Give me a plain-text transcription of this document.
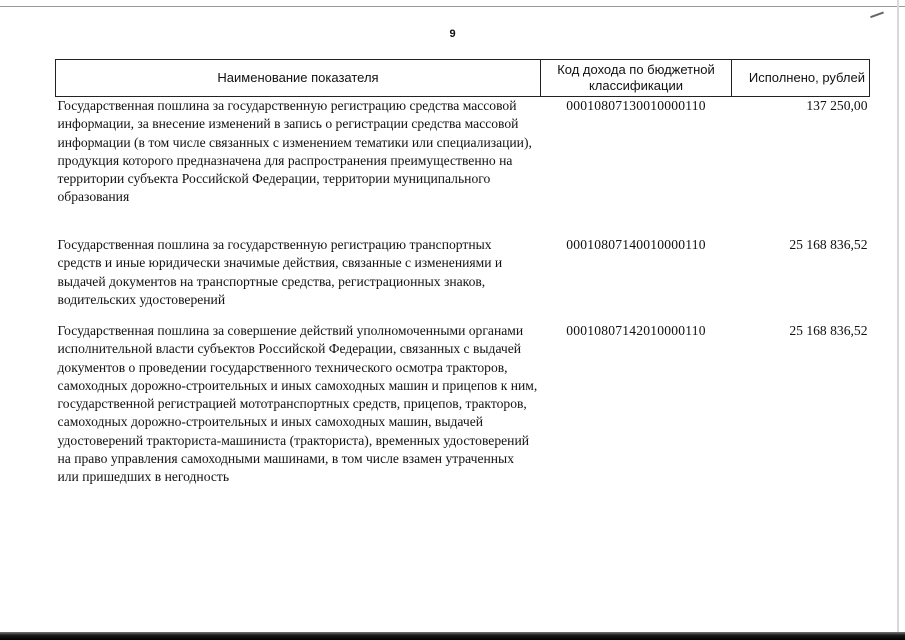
9
Наименование показателя	Код дохода по бюджетной классификации	Исполнено, рублей
Государственная пошлина за государственную регистрацию средства массовой информации, за внесение изменений в запись о регистрации средства массовой информации (в том числе связанных с изменением тематики или специализации), продукция которого предназначена для распространения преимущественно на территории субъекта Российской Федерации, территории муниципального образования	00010807130010000110	137 250,00
Государственная пошлина за государственную регистрацию транспортных средств и иные юридически значимые действия, связанные с изменениями и выдачей документов на транспортные средства, регистрационных знаков, водительских удостоверений	00010807140010000110	25 168 836,52
Государственная пошлина за совершение действий уполномоченными органами исполнительной власти субъектов Российской Федерации, связанных с выдачей документов о проведении государственного технического осмотра тракторов, самоходных дорожно-строительных и иных самоходных машин и прицепов к ним, государственной регистрацией мототранспортных средств, прицепов, тракторов, самоходных дорожно-строительных и иных самоходных машин, выдачей удостоверений тракториста-машиниста (тракториста), временных удостоверений на право управления самоходными машинами, в том числе взамен утраченных или пришедших в негодность	00010807142010000110	25 168 836,52
